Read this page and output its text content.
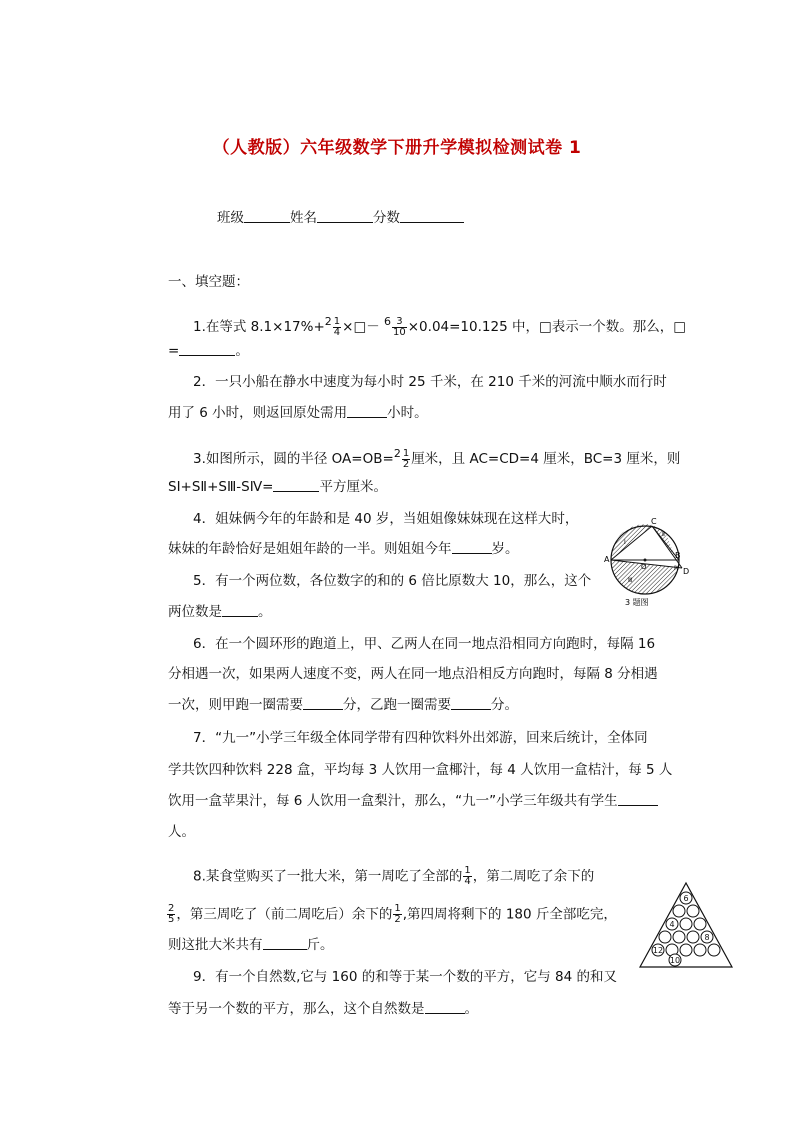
（人教版）六年级数学下册升学模拟检测试卷 1
班级	姓名	分数
一、填空题：
1.在等式 $8.1\times 17\%+^2 \frac{1}{4}$ ×□－ $^6 \frac{3}{10} \times 0.04=10.125$ 中，□表示一个数。那么，□
=	。
2．一只小船在静水中速度为每小时 25 千米，在 210 千米的河流中顺水而行时
用了 6 小时，则返回原处需用	小时。
3.如图所示，圆的半径 $OA=OB=^2 \frac{1}{2}$ 厘米，且 AC=CD=4 厘米，BC=3 厘米，则
SⅠ+SⅡ+SⅢ-SⅣ=	平方厘米。
4．姐妹俩今年的年龄和是 40 岁，当姐姐像妹妹现在这样大时，
妹妹的年龄恰好是姐姐年龄的一半。则姐姐今年	岁。
5．有一个两位数，各位数字的和的 6 倍比原数大 10，那么，这个
两位数是	。
6．在一个圆环形的跑道上，甲、乙两人在同一地点沿相同方向跑时，每隔 16
分相遇一次，如果两人速度不变，两人在同一地点沿相反方向跑时，每隔 8 分相遇
一次，则甲跑一圈需要	分，乙跑一圈需要	分。
7．“九一”小学三年级全体同学带有四种饮料外出郊游，回来后统计，全体同
学共饮四种饮料 228 盒，平均每 3 人饮用一盒椰汁，每 4 人饮用一盒桔汁，每 5 人
饮用一盒苹果汁，每 6 人饮用一盒梨汁，那么，“九一”小学三年级共有学生
人。
8.某食堂购买了一批大米，第一周吃了全部的 $\frac{1}{4}$ ，第二周吃了余下的
$\frac{2}{5}$ ，第三周吃了（前二周吃后）余下的 $\frac{1}{2}$ ,第四周将剩下的 180 斤全部吃完，
则这批大米共有	斤。
9．有一个自然数,它与 160 的和等于某一个数的平方，它与 84 的和又
等于另一个数的平方，那么，这个自然数是	。
A	B
C
D
O
Ⅰ
Ⅱ
Ⅲ
Ⅳ
3 题图
6
4
8
12
10
